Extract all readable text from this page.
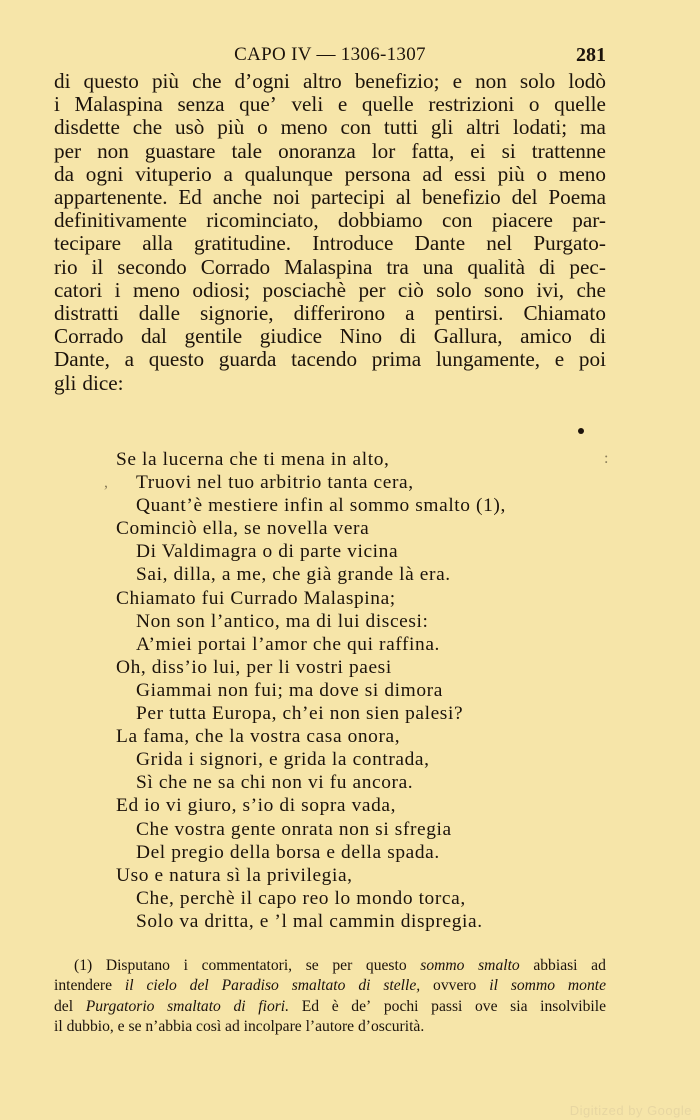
CAPO IV — 1306-1307	281
di questo più che d’ogni altro benefizio; e non solo lodò
i Malaspina senza que’ veli e quelle restrizioni o quelle
disdette che usò più o meno con tutti gli altri lodati; ma
per non guastare tale onoranza lor fatta, ei si trattenne
da ogni vituperio a qualunque persona ad essi più o meno
appartenente. Ed anche noi partecipi al benefizio del Poema
definitivamente ricominciato, dobbiamo con piacere par-
tecipare alla gratitudine. Introduce Dante nel Purgato-
rio il secondo Corrado Malaspina tra una qualità di pec-
catori i meno odiosi; posciachè per ciò solo sono ivi, che
distratti dalle signorie, differirono a pentirsi. Chiamato
Corrado dal gentile giudice Nino di Gallura, amico di
Dante, a questo guarda tacendo prima lungamente, e poi
gli dice:
:
,
Se la lucerna che ti mena in alto,
Truovi nel tuo arbitrio tanta cera,
Quant’è mestiere infin al sommo smalto (1),
Cominciò ella, se novella vera
Di Valdimagra o di parte vicina
Sai, dilla, a me, che già grande là era.
Chiamato fui Currado Malaspina;
Non son l’antico, ma di lui discesi:
A’miei portai l’amor che qui raffina.
Oh, diss’io lui, per li vostri paesi
Giammai non fui; ma dove si dimora
Per tutta Europa, ch’ei non sien palesi?
La fama, che la vostra casa onora,
Grida i signori, e grida la contrada,
Sì che ne sa chi non vi fu ancora.
Ed io vi giuro, s’io di sopra vada,
Che vostra gente onrata non si sfregia
Del pregio della borsa e della spada.
Uso e natura sì la privilegia,
Che, perchè il capo reo lo mondo torca,
Solo va dritta, e ’l mal cammin dispregia.
(1) Disputano i commentatori, se per questo sommo smalto abbiasi ad
intendere il cielo del Paradiso smaltato di stelle, ovvero il sommo monte
del Purgatorio smaltato di fiori. Ed è de’ pochi passi ove sia insolvibile
il dubbio, e se n’abbia così ad incolpare l’autore d’oscurità.
Digitized by Google
